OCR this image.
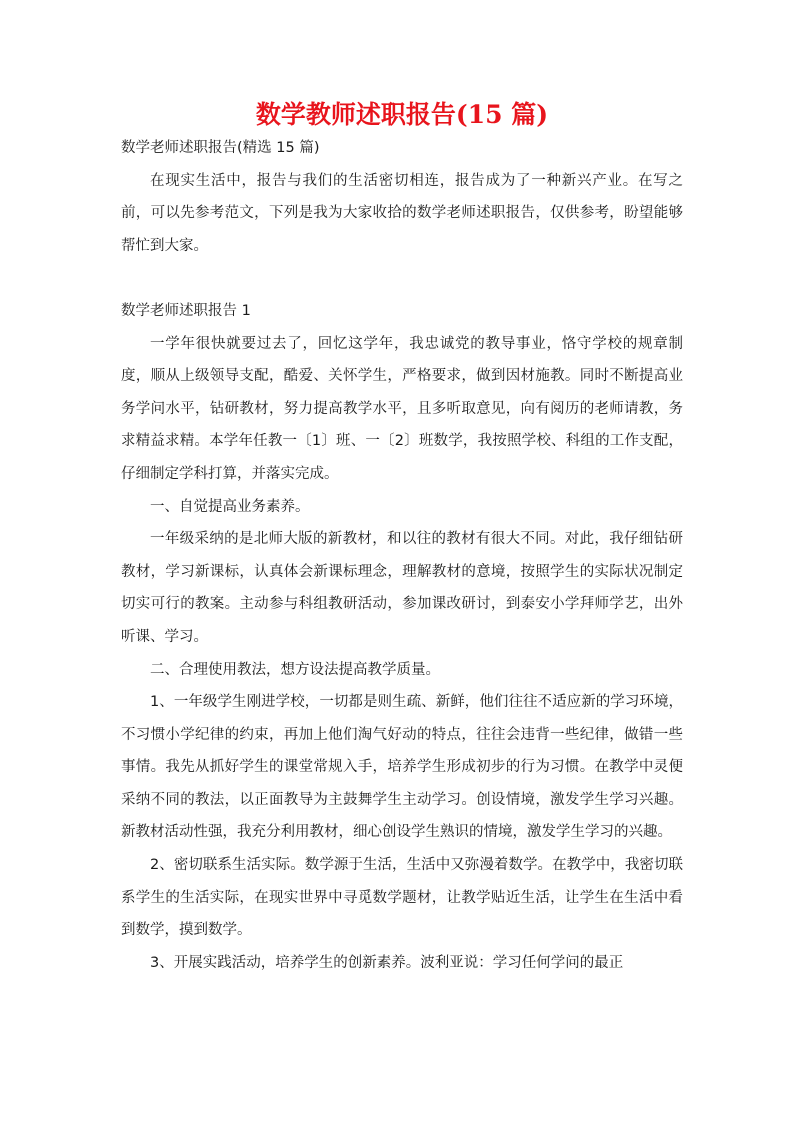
数学教师述职报告(15 篇)

数学老师述职报告(精选 15 篇)

在现实生活中，报告与我们的生活密切相连，报告成为了一种新兴产业。在写之前，可以先参考范文，下列是我为大家收拾的数学老师述职报告，仅供参考，盼望能够帮忙到大家。

数学老师述职报告 1

一学年很快就要过去了，回忆这学年，我忠诚党的教导事业，恪守学校的规章制度，顺从上级领导支配，酷爱、关怀学生，严格要求，做到因材施教。同时不断提高业务学问水平，钻研教材，努力提高教学水平，且多听取意见，向有阅历的老师请教，务求精益求精。本学年任教一〔1〕班、一〔2〕班数学，我按照学校、科组的工作支配，仔细制定学科打算，并落实完成。

一、自觉提高业务素养。

一年级采纳的是北师大版的新教材，和以往的教材有很大不同。对此，我仔细钻研教材，学习新课标，认真体会新课标理念，理解教材的意境，按照学生的实际状况制定切实可行的教案。主动参与科组教研活动，参加课改研讨，到泰安小学拜师学艺，出外听课、学习。

二、合理使用教法，想方设法提高教学质量。

1、一年级学生刚进学校，一切都是则生疏、新鲜，他们往往不适应新的学习环境，不习惯小学纪律的约束，再加上他们淘气好动的特点，往往会违背一些纪律，做错一些事情。我先从抓好学生的课堂常规入手，培养学生形成初步的行为习惯。在教学中灵便采纳不同的教法，以正面教导为主鼓舞学生主动学习。创设情境，激发学生学习兴趣。新教材活动性强，我充分利用教材，细心创设学生熟识的情境，激发学生学习的兴趣。

2、密切联系生活实际。数学源于生活，生活中又弥漫着数学。在教学中，我密切联系学生的生活实际，在现实世界中寻觅数学题材，让教学贴近生活，让学生在生活中看到数学，摸到数学。

3、开展实践活动，培养学生的创新素养。波利亚说：学习任何学问的最正
